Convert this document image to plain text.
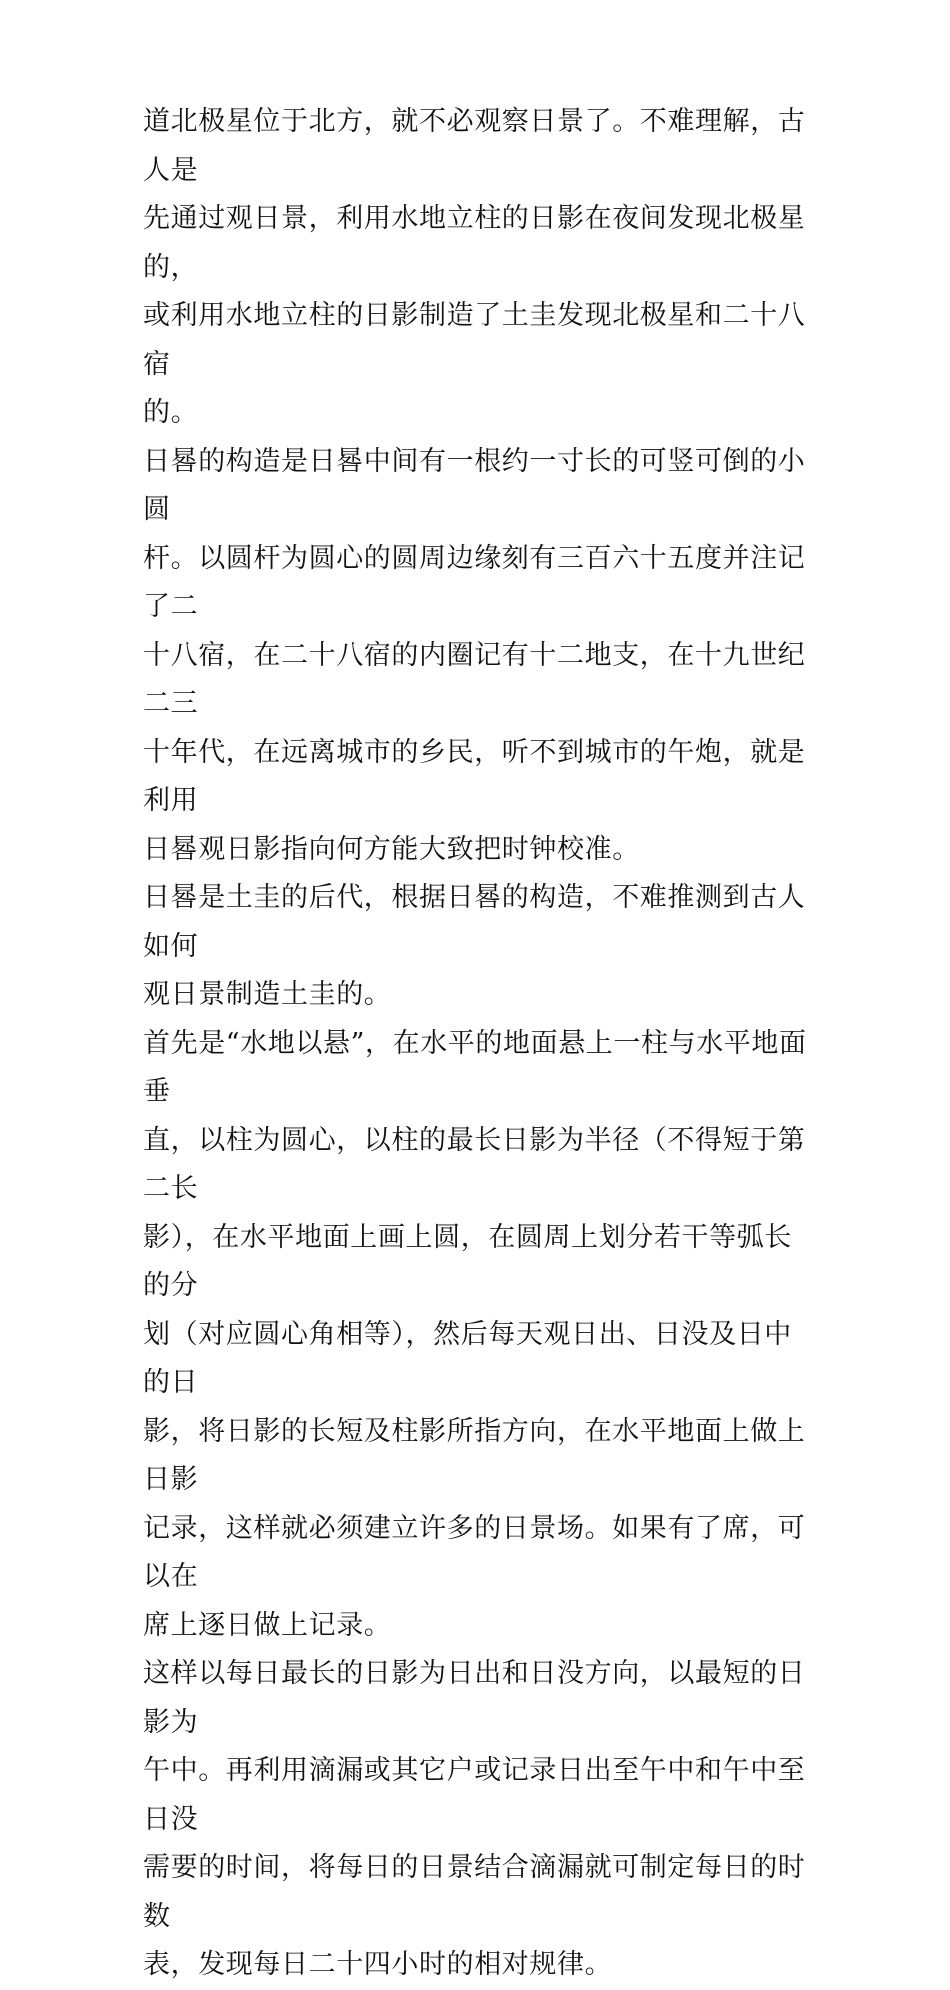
道北极星位于北方，就不必观察日景了。不难理解，古人是
先通过观日景，利用水地立柱的日影在夜间发现北极星的，
或利用水地立柱的日影制造了土圭发现北极星和二十八宿
的。

日晷的构造是日晷中间有一根约一寸长的可竖可倒的小圆
杆。以圆杆为圆心的圆周边缘刻有三百六十五度并注记了二
十八宿，在二十八宿的内圈记有十二地支，在十九世纪二三
十年代，在远离城市的乡民，听不到城市的午炮，就是利用
日晷观日影指向何方能大致把时钟校准。

日晷是土圭的后代，根据日晷的构造，不难推测到古人如何
观日景制造土圭的。

首先是“水地以悬”，在水平的地面悬上一柱与水平地面垂
直，以柱为圆心，以柱的最长日影为半径（不得短于第二长
影），在水平地面上画上圆，在圆周上划分若干等弧长的分
划（对应圆心角相等），然后每天观日出、日没及日中的日
影，将日影的长短及柱影所指方向，在水平地面上做上日影
记录，这样就必须建立许多的日景场。如果有了席，可以在
席上逐日做上记录。

这样以每日最长的日影为日出和日没方向，以最短的日影为
午中。再利用滴漏或其它户或记录日出至午中和午中至日没
需要的时间，将每日的日景结合滴漏就可制定每日的时数
表，发现每日二十四小时的相对规律。
